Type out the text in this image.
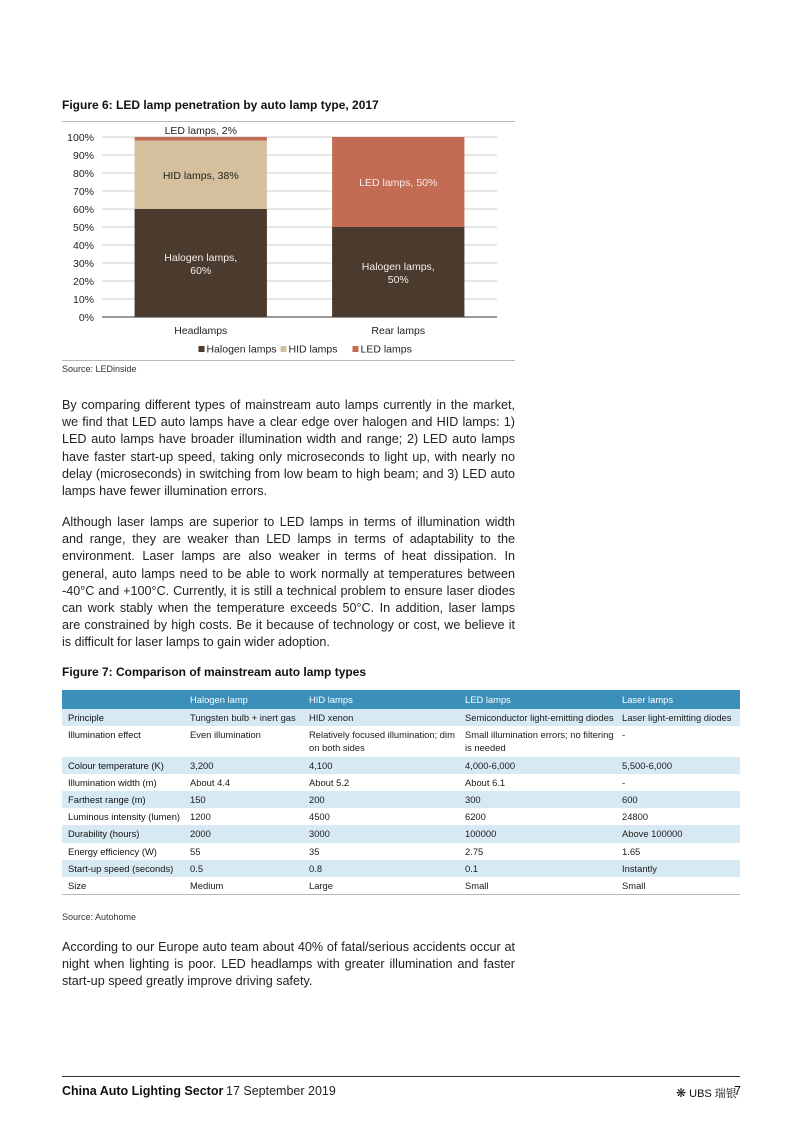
Figure 6: LED lamp penetration by auto lamp type, 2017
0%
10%
20%
30%
40%
50%
60%
70%
80%
90%
100%
Halogen lamps,
60%
HID lamps, 38%
LED lamps, 2%
Headlamps
Halogen lamps,
50%
LED lamps, 50%
Rear lamps
Halogen lamps HID lamps LED lamps
Source: LEDinside

By comparing different types of mainstream auto lamps currently in the market, we find that LED auto lamps have a clear edge over halogen and HID lamps: 1) LED auto lamps have broader illumination width and range; 2) LED auto lamps have faster start-up speed, taking only microseconds to light up, with nearly no delay (microseconds) in switching from low beam to high beam; and 3) LED auto lamps have fewer illumination errors.

Although laser lamps are superior to LED lamps in terms of illumination width and range, they are weaker than LED lamps in terms of adaptability to the environment. Laser lamps are also weaker in terms of heat dissipation. In general, auto lamps need to be able to work normally at temperatures between -40°C and +100°C. Currently, it is still a technical problem to ensure laser diodes can work stably when the temperature exceeds 50°C. In addition, laser lamps are constrained by high costs. Be it because of technology or cost, we believe it is difficult for laser lamps to gain wider adoption.

Figure 7: Comparison of mainstream auto lamp types
	Halogen lamp	HID lamps	LED lamps	Laser lamps
Principle	Tungsten bulb + inert gas	HID xenon	Semiconductor light-emitting diodes	Laser light-emitting diodes
Illumination effect	Even illumination	Relatively focused illumination; dim on both sides	Small illumination errors; no filtering is needed	-
Colour temperature (K)	3,200	4,100	4,000-6,000	5,500-6,000
Illumination width (m)	About 4.4	About 5.2	About 6.1	-
Farthest range (m)	150	200	300	600
Luminous intensity (lumen)	1200	4500	6200	24800
Durability (hours)	2000	3000	100000	Above 100000
Energy efficiency (W)	55	35	2.75	1.65
Start-up speed (seconds)	0.5	0.8	0.1	Instantly
Size	Medium	Large	Small	Small
Source: Autohome

According to our Europe auto team about 40% of fatal/serious accidents occur at night when lighting is poor. LED headlamps with greater illumination and faster start-up speed greatly improve driving safety.

China Auto Lighting Sector 17 September 2019	❋ UBS 瑞银
7
